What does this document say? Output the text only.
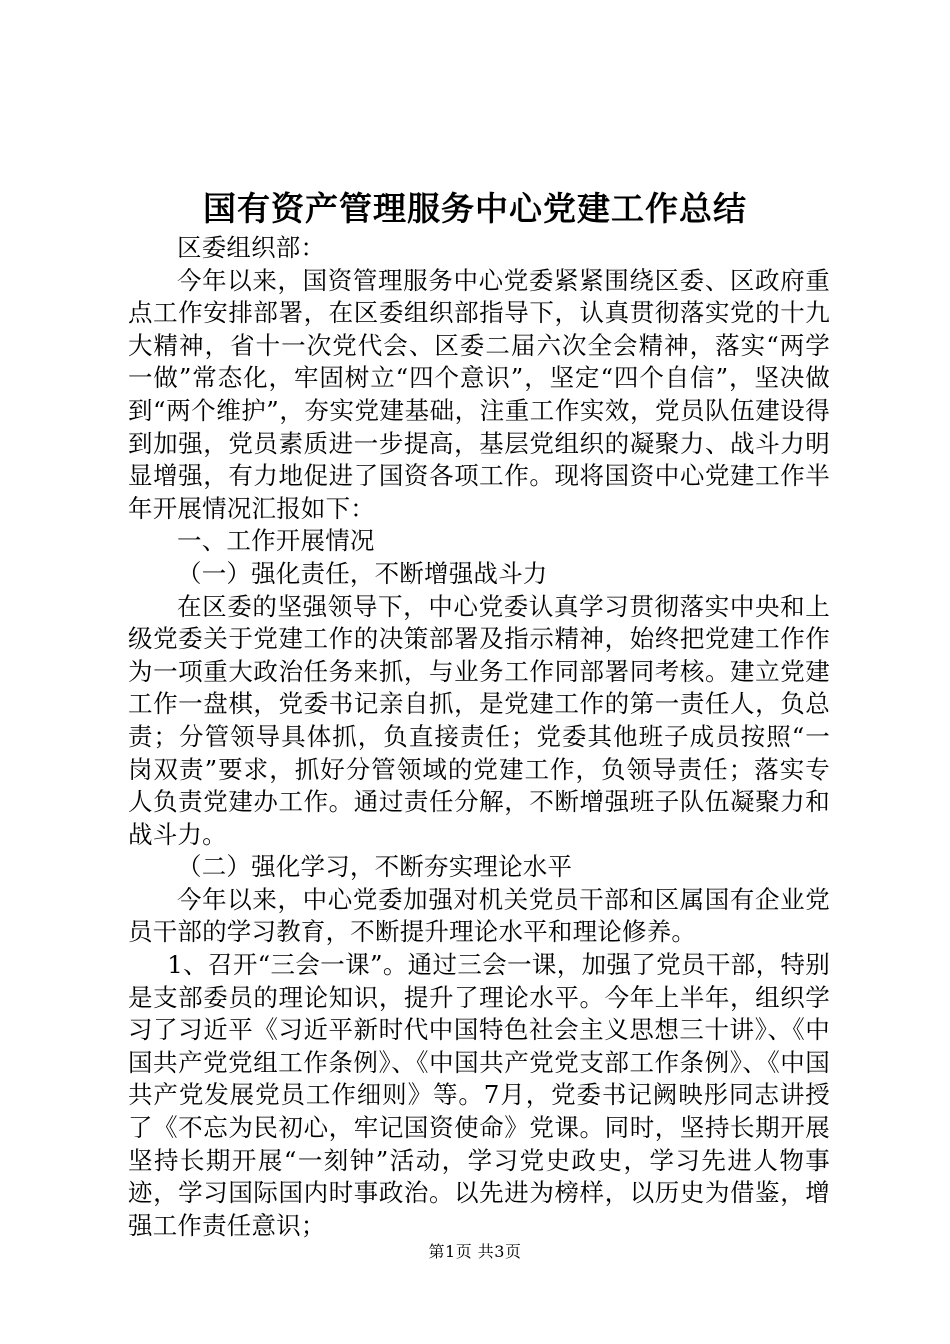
国有资产管理服务中心党建工作总结

区委组织部：

今年以来，国资管理服务中心党委紧紧围绕区委、区政府重点工作安排部署，在区委组织部指导下，认真贯彻落实党的十九大精神，省十一次党代会、区委二届六次全会精神，落实“两学一做”常态化，牢固树立“四个意识”，坚定“四个自信”，坚决做到“两个维护”，夯实党建基础，注重工作实效，党员队伍建设得到加强，党员素质进一步提高，基层党组织的凝聚力、战斗力明显增强，有力地促进了国资各项工作。现将国资中心党建工作半年开展情况汇报如下：

一、工作开展情况

（一）强化责任，不断增强战斗力

在区委的坚强领导下，中心党委认真学习贯彻落实中央和上级党委关于党建工作的决策部署及指示精神，始终把党建工作作为一项重大政治任务来抓，与业务工作同部署同考核。建立党建工作一盘棋，党委书记亲自抓，是党建工作的第一责任人，负总责；分管领导具体抓，负直接责任；党委其他班子成员按照“一岗双责”要求，抓好分管领域的党建工作，负领导责任；落实专人负责党建办工作。通过责任分解，不断增强班子队伍凝聚力和战斗力。

（二）强化学习，不断夯实理论水平

今年以来，中心党委加强对机关党员干部和区属国有企业党员干部的学习教育，不断提升理论水平和理论修养。

1、召开“三会一课”。通过三会一课，加强了党员干部，特别是支部委员的理论知识，提升了理论水平。今年上半年，组织学习了习近平《习近平新时代中国特色社会主义思想三十讲》、《中国共产党党组工作条例》、《中国共产党党支部工作条例》、《中国共产党发展党员工作细则》等。7月，党委书记阙映彤同志讲授了《不忘为民初心，牢记国资使命》党课。同时，坚持长期开展坚持长期开展“一刻钟”活动，学习党史政史，学习先进人物事迹，学习国际国内时事政治。以先进为榜样，以历史为借鉴，增强工作责任意识；

第1页 共3页
